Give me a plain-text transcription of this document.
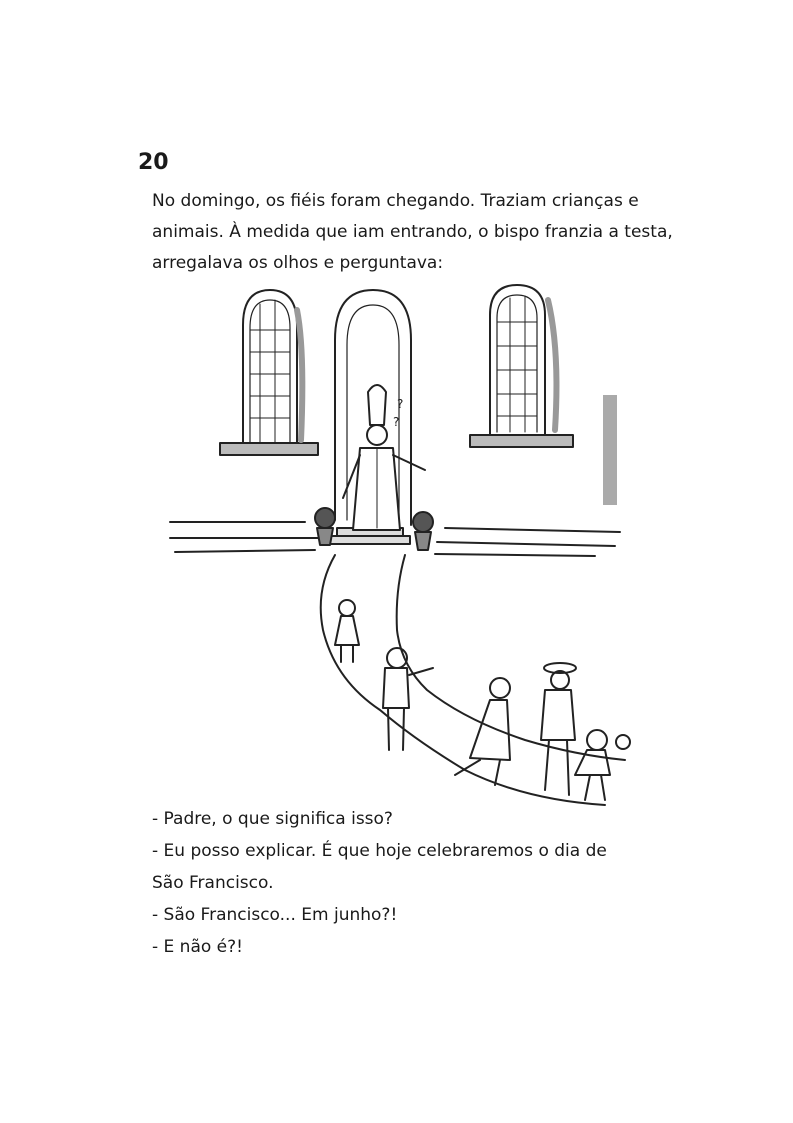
20

No domingo, os fiéis foram chegando. Traziam crianças e
animais. À medida que iam entrando, o bispo franzia a testa,
arregalava os olhos e perguntava:

?
?
- Padre, o que significa isso?
- Eu posso explicar. É que hoje celebraremos o dia de
São Francisco.
- São Francisco... Em junho?!
- E não é?!
